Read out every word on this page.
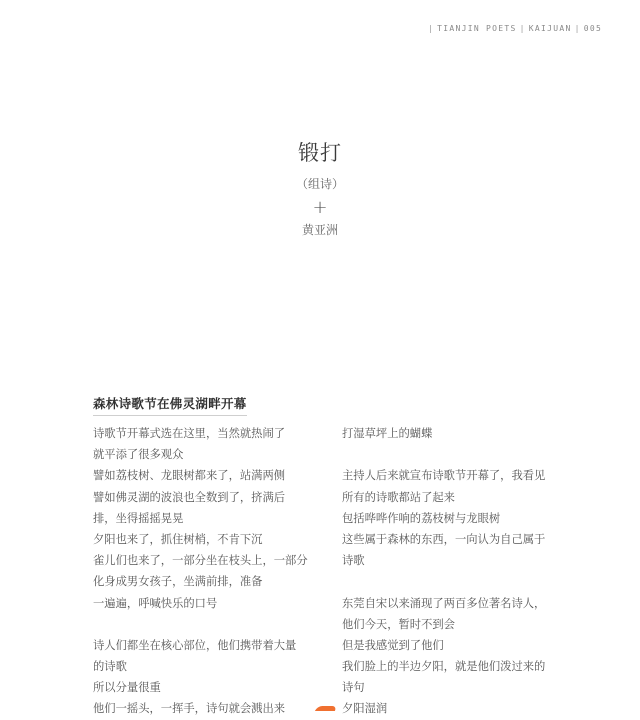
| TIANJIN POETS | KAIJUAN | 005
锻打
（组诗）
+
黄亚洲
森林诗歌节在佛灵湖畔开幕
诗歌节开幕式选在这里，当然就热闹了
就平添了很多观众
譬如荔枝树、龙眼树都来了，站满两侧
譬如佛灵湖的波浪也全数到了，挤满后
排，坐得摇摇晃晃
夕阳也来了，抓住树梢，不肯下沉
雀儿们也来了，一部分坐在枝头上，一部分
化身成男女孩子，坐满前排，准备
一遍遍，呼喊快乐的口号
诗人们都坐在核心部位，他们携带着大量
的诗歌
所以分量很重
他们一摇头，一挥手，诗句就会溅出来
打湿草坪上的蝴蝶
主持人后来就宣布诗歌节开幕了，我看见
所有的诗歌都站了起来
包括哗哗作响的荔枝树与龙眼树
这些属于森林的东西，一向认为自己属于
诗歌
东莞自宋以来涌现了两百多位著名诗人，
他们今天，暂时不到会
但是我感觉到了他们
我们脸上的半边夕阳，就是他们泼过来的
诗句
夕阳湿润
